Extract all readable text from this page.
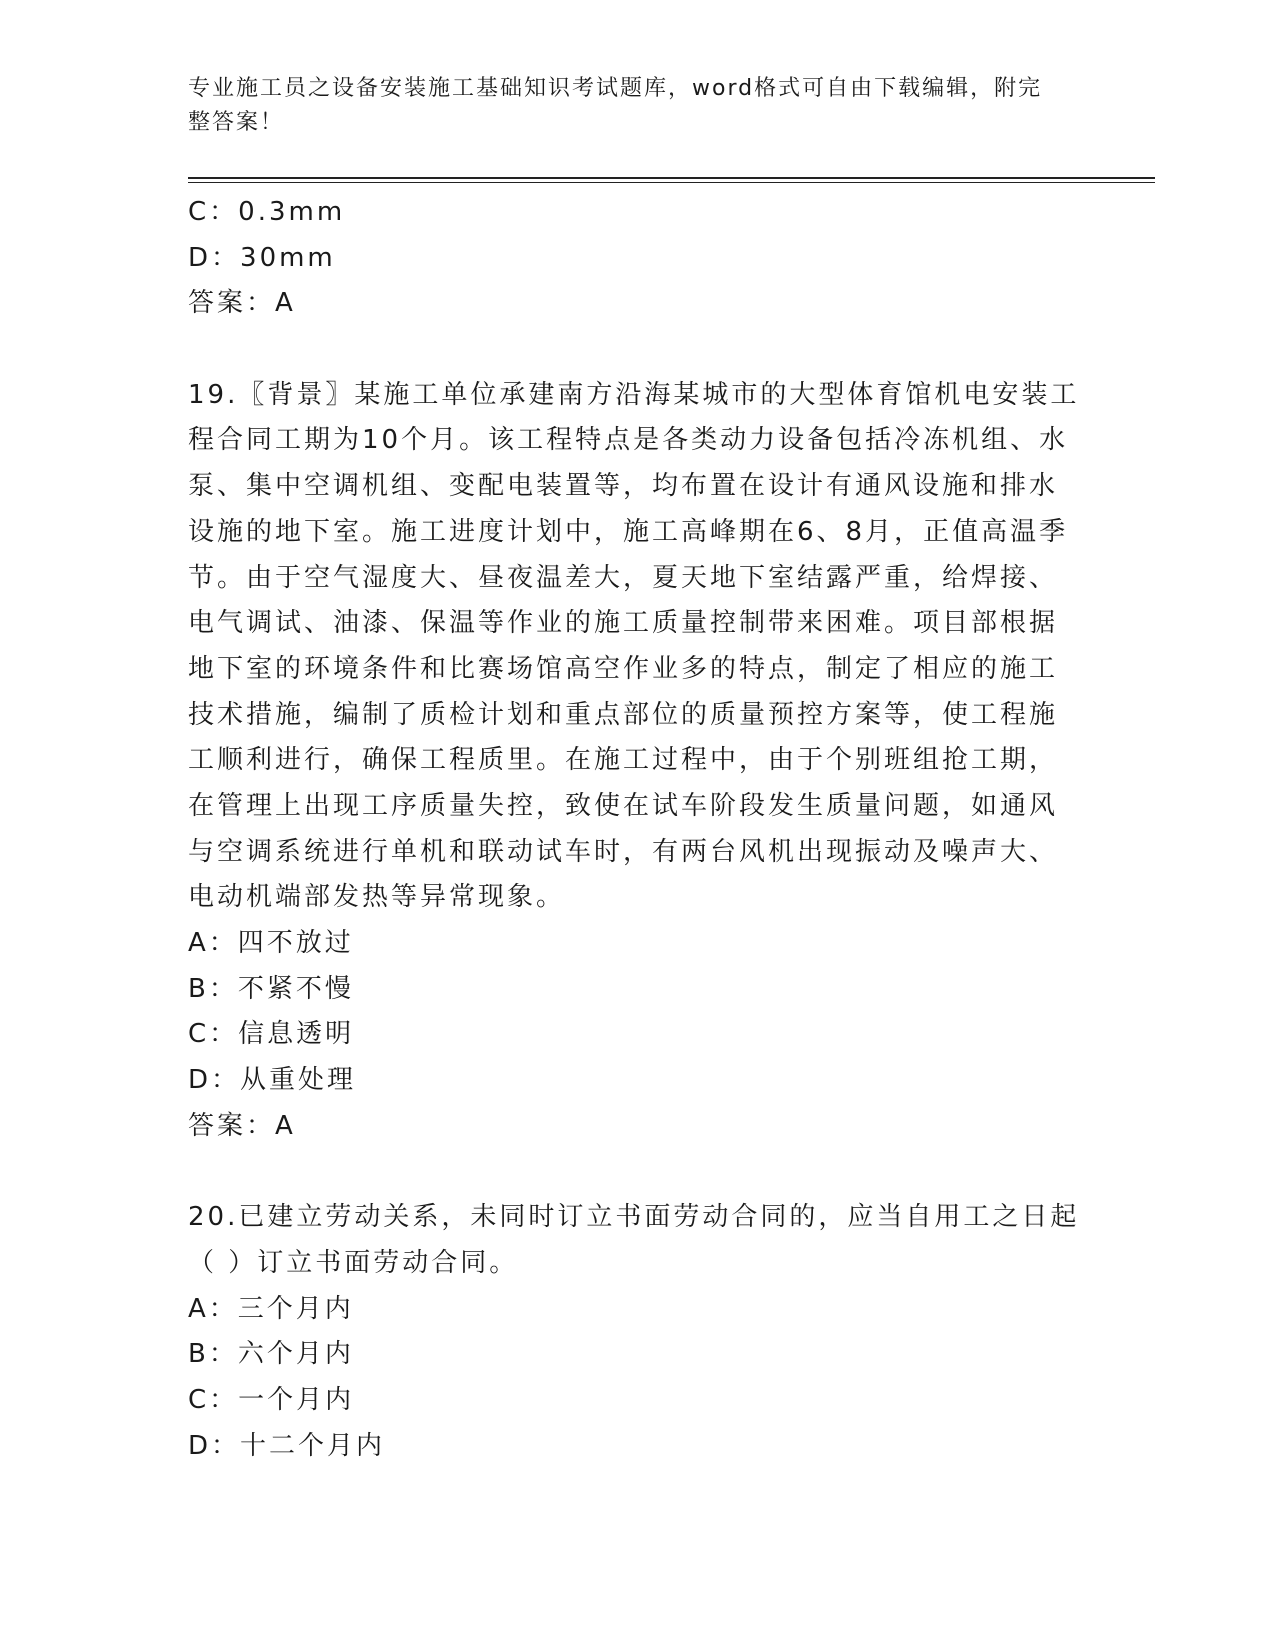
专业施工员之设备安装施工基础知识考试题库，word格式可自由下载编辑，附完
整答案！
C：0.3mm
D：30mm
答案：A
19.〖背景〗某施工单位承建南方沿海某城市的大型体育馆机电安装工
程合同工期为10个月。该工程特点是各类动力设备包括冷冻机组、水
泵、集中空调机组、变配电装置等，均布置在设计有通风设施和排水
设施的地下室。施工进度计划中，施工高峰期在6、8月，正值高温季
节。由于空气湿度大、昼夜温差大，夏天地下室结露严重，给焊接、
电气调试、油漆、保温等作业的施工质量控制带来困难。项目部根据
地下室的环境条件和比赛场馆高空作业多的特点，制定了相应的施工
技术措施，编制了质检计划和重点部位的质量预控方案等，使工程施
工顺利进行，确保工程质里。在施工过程中，由于个别班组抢工期，
在管理上出现工序质量失控，致使在试车阶段发生质量问题，如通风
与空调系统进行单机和联动试车时，有两台风机出现振动及噪声大、
电动机端部发热等异常现象。
A：四不放过
B：不紧不慢
C：信息透明
D：从重处理
答案：A
20.已建立劳动关系，未同时订立书面劳动合同的，应当自用工之日起
（ ）订立书面劳动合同。
A：三个月内
B：六个月内
C：一个月内
D：十二个月内
